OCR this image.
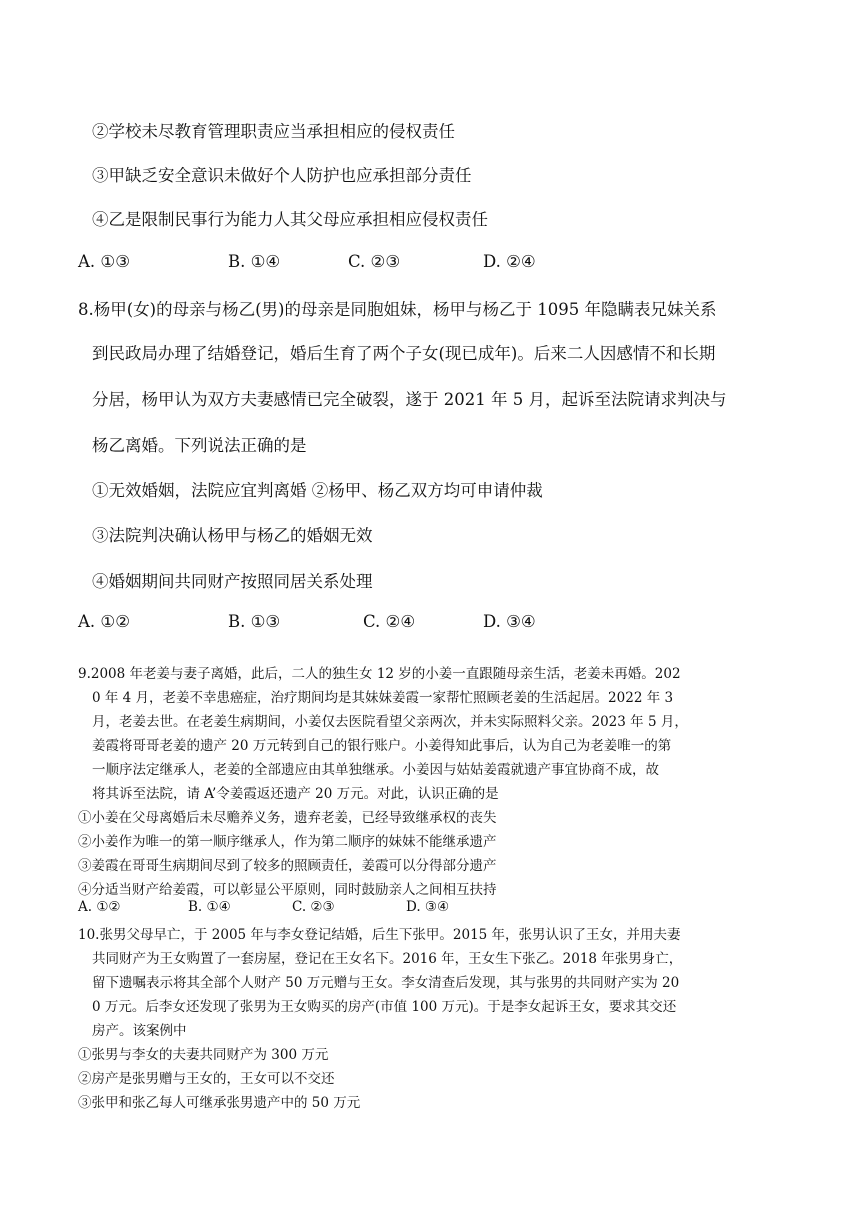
②学校未尽教育管理职责应当承担相应的侵权责任
③甲缺乏安全意识未做好个人防护也应承担部分责任
④乙是限制民事行为能力人其父母应承担相应侵权责任
A. ①③	B. ①④	C. ②③	D. ②④
8.杨甲(女)的母亲与杨乙(男)的母亲是同胞姐妹，杨甲与杨乙于 1095 年隐瞒表兄妹关系
到民政局办理了结婚登记，婚后生育了两个子女(现已成年)。后来二人因感情不和长期
分居，杨甲认为双方夫妻感情已完全破裂，遂于 2021 年 5 月，起诉至法院请求判决与
杨乙离婚。下列说法正确的是
①无效婚姻，法院应宜判离婚 ②杨甲、杨乙双方均可申请仲裁
③法院判决确认杨甲与杨乙的婚姻无效
④婚姻期间共同财产按照同居关系处理
A. ①②	B. ①③	C. ②④	D. ③④
9.2008 年老姜与妻子离婚，此后，二人的独生女 12 岁的小姜一直跟随母亲生活，老姜未再婚。202
0 年 4 月，老姜不幸患癌症，治疗期间均是其妹妹姜霞一家帮忙照顾老姜的生活起居。2022 年 3
月，老姜去世。在老姜生病期间，小姜仅去医院看望父亲两次，并未实际照料父亲。2023 年 5 月，
姜霞将哥哥老姜的遗产 20 万元转到自己的银行账户。小姜得知此事后，认为自己为老姜唯一的第
一顺序法定继承人，老姜的全部遗应由其单独继承。小姜因与姑姑姜霞就遗产事宜协商不成，故
将其诉至法院，请 A’令姜霞返还遗产 20 万元。对此，认识正确的是
①小姜在父母离婚后未尽赡养义务，遗弃老姜，已经导致继承权的丧失
②小姜作为唯一的第一顺序继承人，作为第二顺序的妹妹不能继承遗产
③姜霞在哥哥生病期间尽到了较多的照顾责任，姜霞可以分得部分遗产
④分适当财产给姜霞，可以彰显公平原则，同时鼓励亲人之间相互扶持
A. ①②	B. ①④	C. ②③	D. ③④
10.张男父母早亡，于 2005 年与李女登记结婚，后生下张甲。2015 年，张男认识了王女，并用夫妻
共同财产为王女购置了一套房屋，登记在王女名下。2016 年，王女生下张乙。2018 年张男身亡，
留下遗嘱表示将其全部个人财产 50 万元赠与王女。李女清查后发现，其与张男的共同财产实为 20
0 万元。后李女还发现了张男为王女购买的房产(市值 100 万元)。于是李女起诉王女，要求其交还
房产。该案例中
①张男与李女的夫妻共同财产为 300 万元
②房产是张男赠与王女的，王女可以不交还
③张甲和张乙每人可继承张男遗产中的 50 万元
